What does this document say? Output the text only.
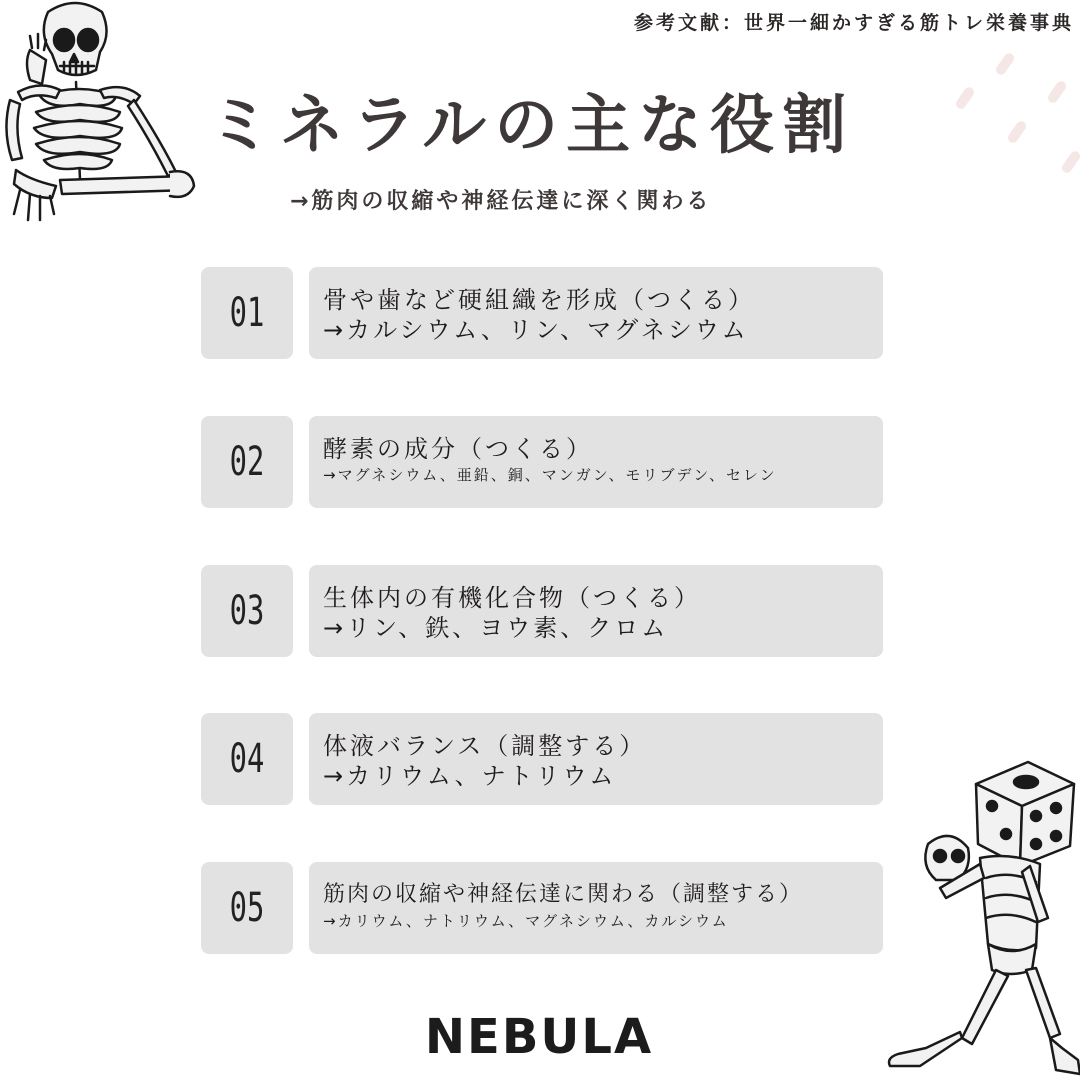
参考文献：世界一細かすぎる筋トレ栄養事典
ミネラルの主な役割
→筋肉の収縮や神経伝達に深く関わる
01	骨や歯など硬組織を形成（つくる）
→カルシウム、リン、マグネシウム
02	酵素の成分（つくる）
→マグネシウム、亜鉛、銅、マンガン、モリブデン、セレン
03	生体内の有機化合物（つくる）
→リン、鉄、ヨウ素、クロム
04	体液バランス（調整する）
→カリウム、ナトリウム
05	筋肉の収縮や神経伝達に関わる（調整する）
→カリウム、ナトリウム、マグネシウム、カルシウム
NEBULA
